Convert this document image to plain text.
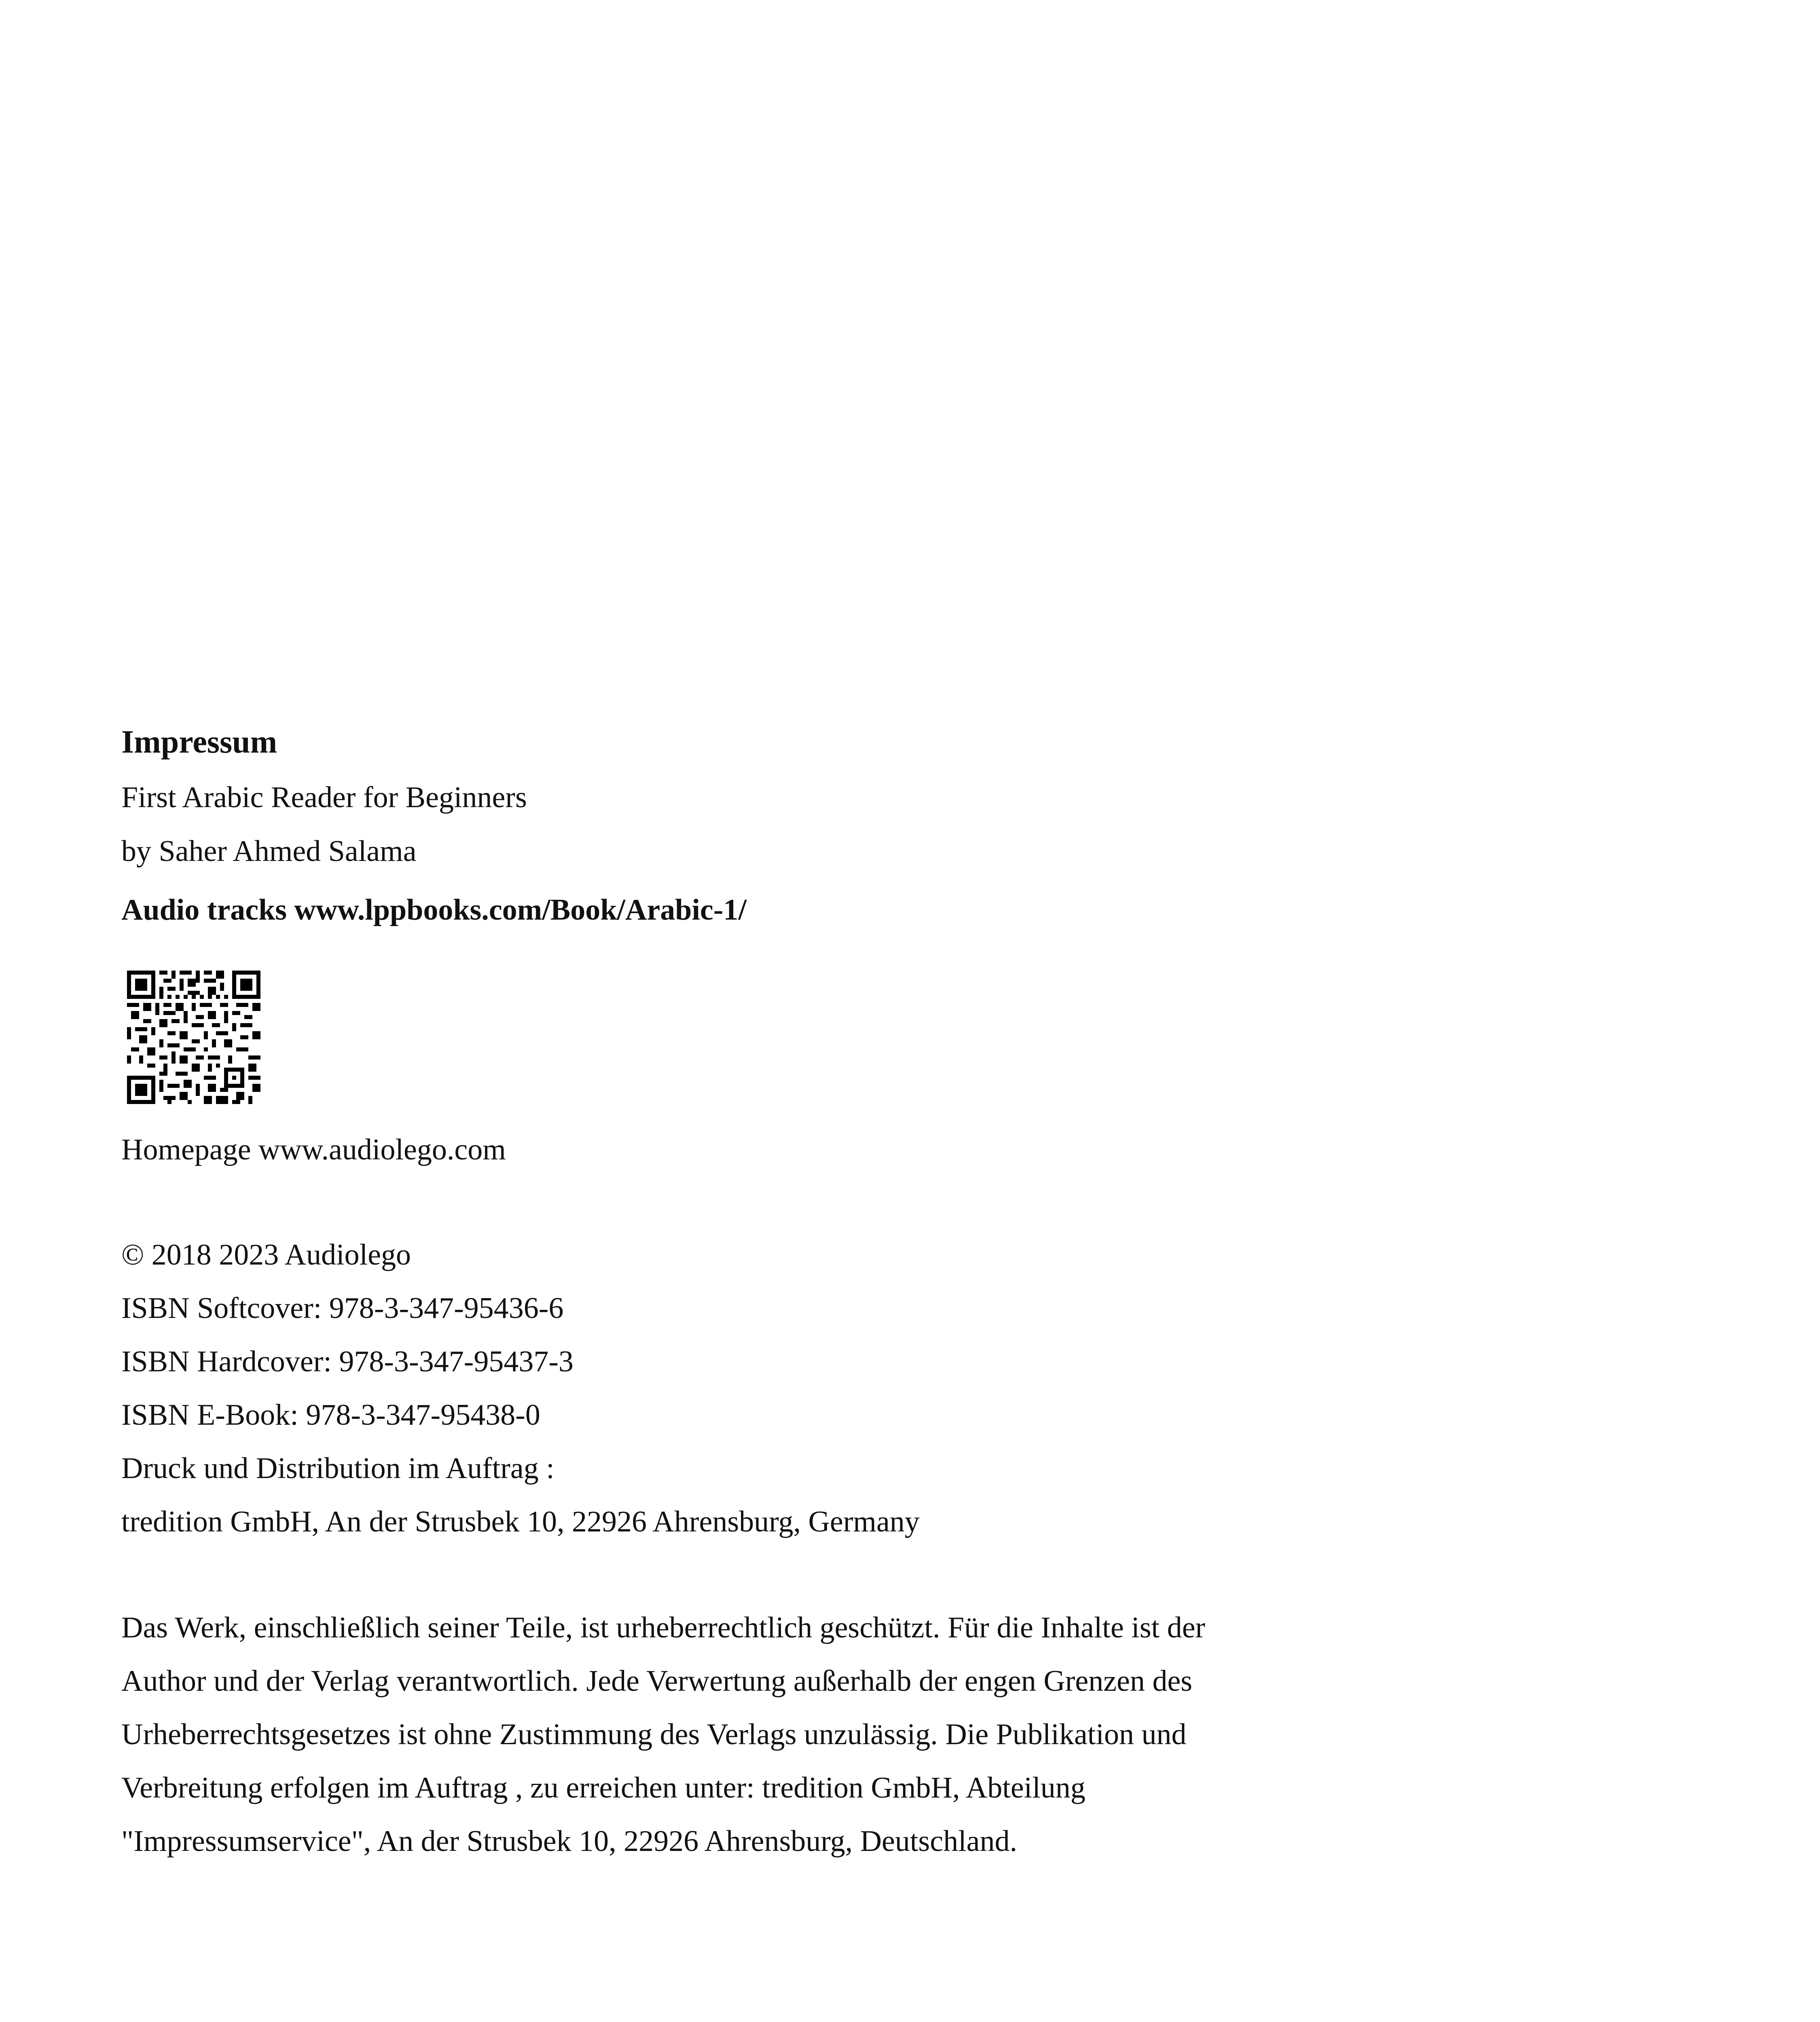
Impressum

First Arabic Reader for Beginners

by Saher Ahmed Salama

Audio tracks www.lppbooks.com/Book/Arabic-1/

Homepage www.audiolego.com

© 2018 2023 Audiolego

ISBN Softcover: 978-3-347-95436-6

ISBN Hardcover: 978-3-347-95437-3

ISBN E-Book: 978-3-347-95438-0

Druck und Distribution im Auftrag :

tredition GmbH, An der Strusbek 10, 22926 Ahrensburg, Germany

Das Werk, einschließlich seiner Teile, ist urheberrechtlich geschützt. Für die Inhalte ist der

Author und der Verlag verantwortlich. Jede Verwertung außerhalb der engen Grenzen des

Urheberrechtsgesetzes ist ohne Zustimmung des Verlags unzulässig. Die Publikation und

Verbreitung erfolgen im Auftrag , zu erreichen unter: tredition GmbH, Abteilung

"Impressumservice", An der Strusbek 10, 22926 Ahrensburg, Deutschland.
